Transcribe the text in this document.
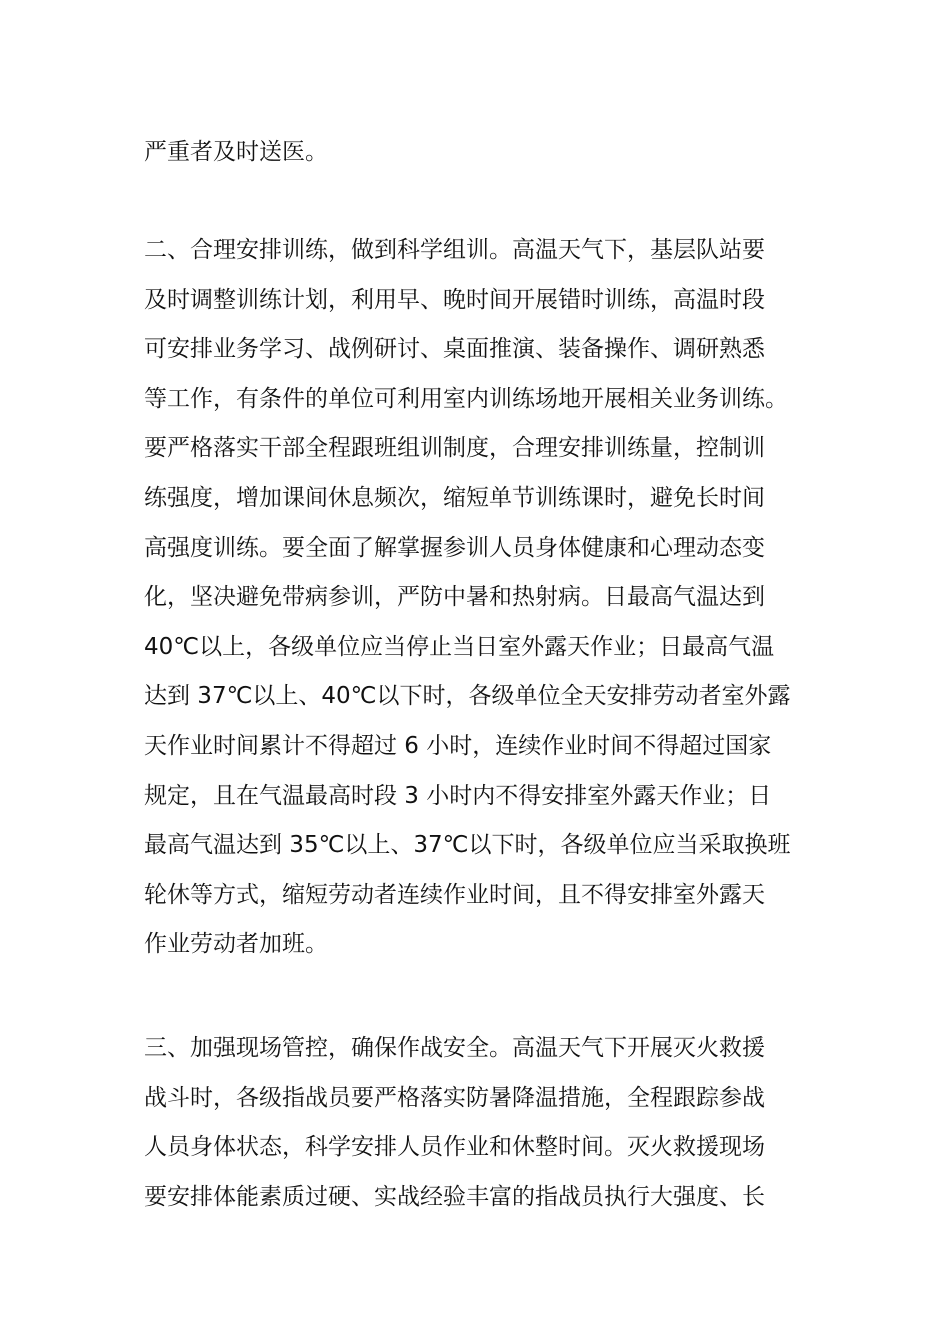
严重者及时送医。
二、合理安排训练，做到科学组训。高温天气下，基层队站要
及时调整训练计划，利用早、晚时间开展错时训练，高温时段
可安排业务学习、战例研讨、桌面推演、装备操作、调研熟悉
等工作，有条件的单位可利用室内训练场地开展相关业务训练。
要严格落实干部全程跟班组训制度，合理安排训练量，控制训
练强度，增加课间休息频次，缩短单节训练课时，避免长时间
高强度训练。要全面了解掌握参训人员身体健康和心理动态变
化，坚决避免带病参训，严防中暑和热射病。日最高气温达到
40℃以上，各级单位应当停止当日室外露天作业；日最高气温
达到 37℃以上、40℃以下时，各级单位全天安排劳动者室外露
天作业时间累计不得超过 6 小时，连续作业时间不得超过国家
规定，且在气温最高时段 3 小时内不得安排室外露天作业；日
最高气温达到 35℃以上、37℃以下时，各级单位应当采取换班
轮休等方式，缩短劳动者连续作业时间，且不得安排室外露天
作业劳动者加班。
三、加强现场管控，确保作战安全。高温天气下开展灭火救援
战斗时，各级指战员要严格落实防暑降温措施，全程跟踪参战
人员身体状态，科学安排人员作业和休整时间。灭火救援现场
要安排体能素质过硬、实战经验丰富的指战员执行大强度、长
